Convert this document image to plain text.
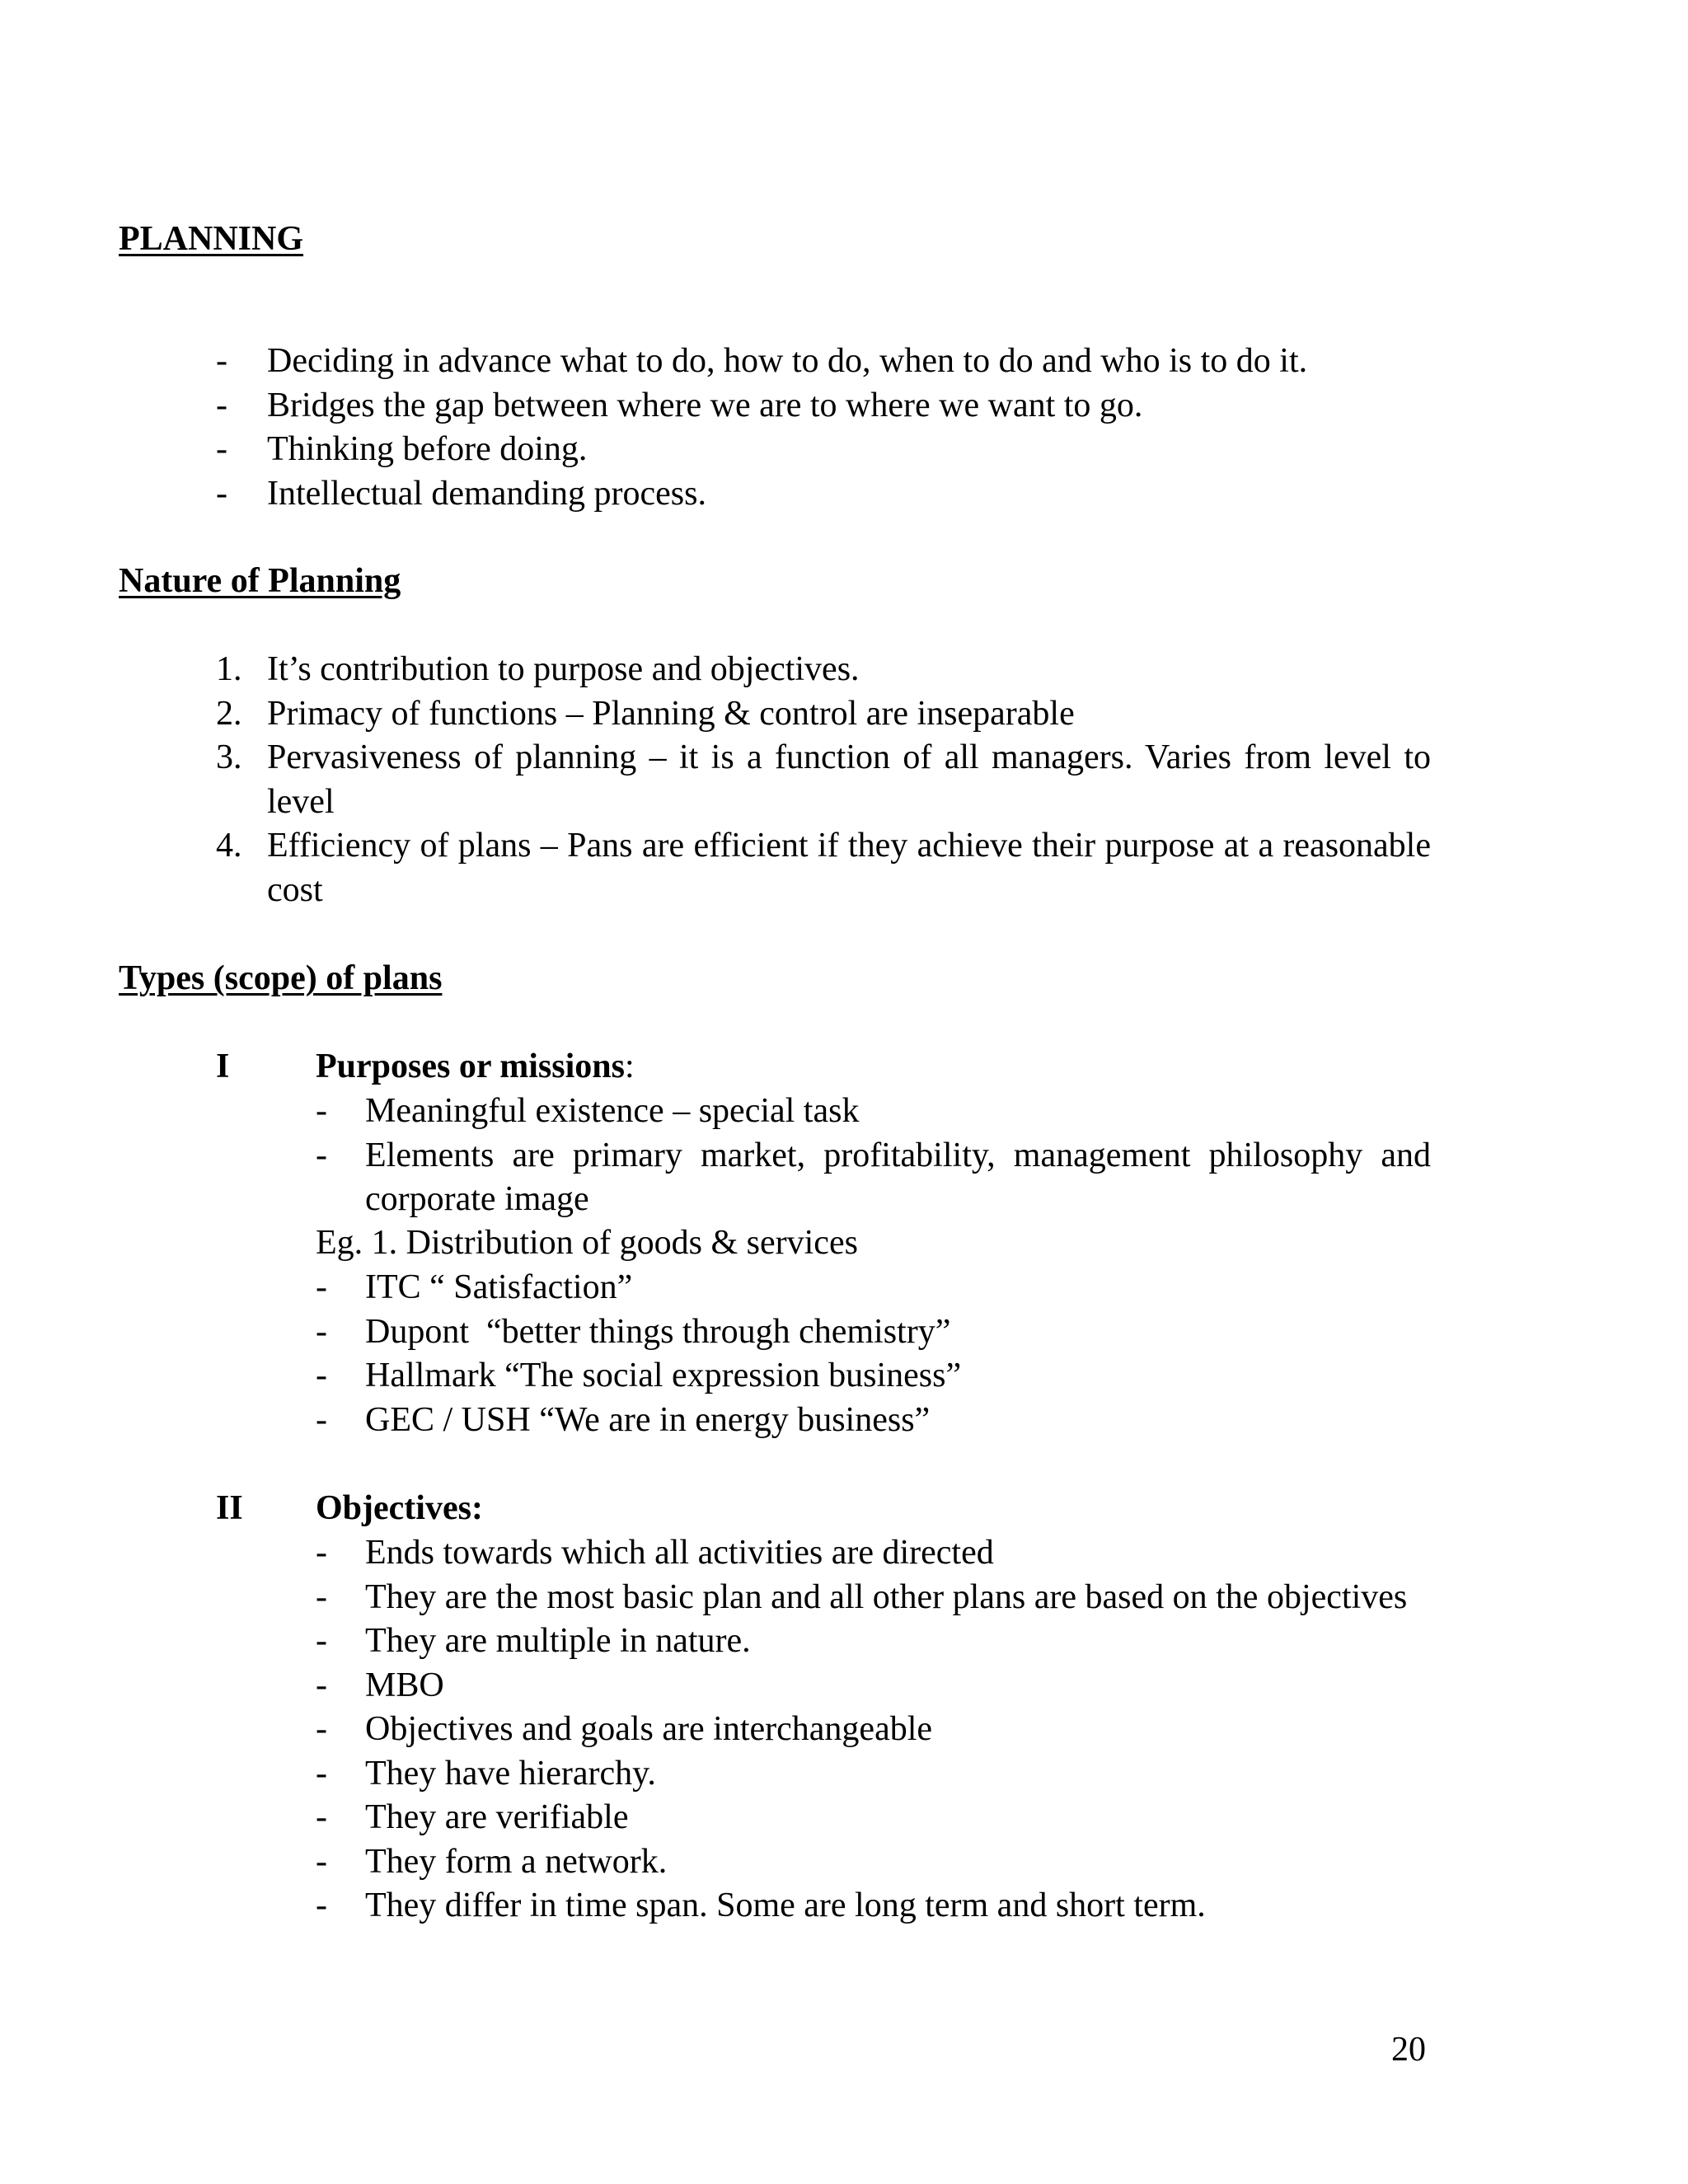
PLANNING
- Deciding in advance what to do, how to do, when to do and who is to do it.
- Bridges the gap between where we are to where we want to go.
- Thinking before doing.
- Intellectual demanding process.
Nature of Planning
1. It’s contribution to purpose and objectives.
2. Primacy of functions – Planning & control are inseparable
3. Pervasiveness of planning – it is a function of all managers. Varies from level to level
4. Efficiency of plans – Pans are efficient if they achieve their purpose at a reasonable cost
Types (scope) of plans
I Purposes or missions:
- Meaningful existence – special task
- Elements are primary market, profitability, management philosophy and corporate image
Eg. 1. Distribution of goods & services
- ITC “ Satisfaction”
- Dupont  “better things through chemistry”
- Hallmark “The social expression business”
- GEC / USH “We are in energy business”
II Objectives:
- Ends towards which all activities are directed
- They are the most basic plan and all other plans are based on the objectives
- They are multiple in nature.
- MBO
- Objectives and goals are interchangeable
- They have hierarchy.
- They are verifiable
- They form a network.
- They differ in time span. Some are long term and short term.
20
